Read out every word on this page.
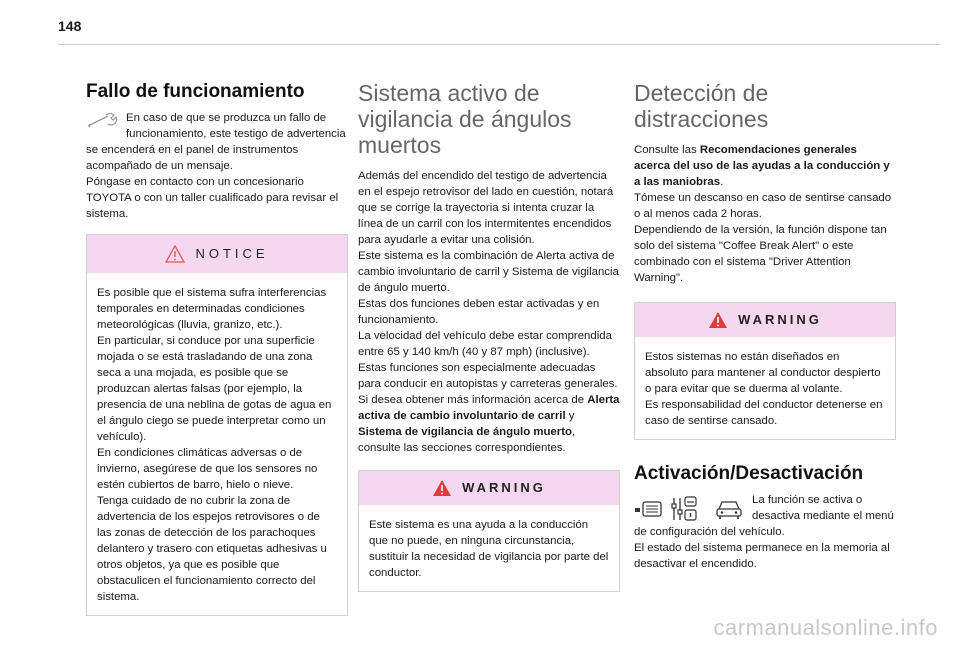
148
Fallo de funcionamiento

En caso de que se produzca un fallo de funcionamiento, este testigo de advertencia se encenderá en el panel de instrumentos acompañado de un mensaje.

Póngase en contacto con un concesionario TOYOTA o con un taller cualificado para revisar el sistema.

NOTICE

Es posible que el sistema sufra interferencias temporales en determinadas condiciones meteorológicas (lluvia, granizo, etc.).

En particular, si conduce por una superficie mojada o se está trasladando de una zona seca a una mojada, es posible que se produzcan alertas falsas (por ejemplo, la presencia de una neblina de gotas de agua en el ángulo ciego se puede interpretar como un vehículo).

En condiciones climáticas adversas o de invierno, asegúrese de que los sensores no estén cubiertos de barro, hielo o nieve.

Tenga cuidado de no cubrir la zona de advertencia de los espejos retrovisores o de las zonas de detección de los parachoques delantero y trasero con etiquetas adhesivas u otros objetos, ya que es posible que obstaculicen el funcionamiento correcto del sistema.

Sistema activo de vigilancia de ángulos muertos

Además del encendido del testigo de advertencia en el espejo retrovisor del lado en cuestión, notará que se corrige la trayectoria si intenta cruzar la línea de un carril con los intermitentes encendidos para ayudarle a evitar una colisión.

Este sistema es la combinación de Alerta activa de cambio involuntario de carril y Sistema de vigilancia de ángulo muerto.

Estas dos funciones deben estar activadas y en funcionamiento.

La velocidad del vehículo debe estar comprendida entre 65 y 140 km/h (40 y 87 mph) (inclusive).

Estas funciones son especialmente adecuadas para conducir en autopistas y carreteras generales.

Si desea obtener más información acerca de Alerta activa de cambio involuntario de carril y Sistema de vigilancia de ángulo muerto, consulte las secciones correspondientes.

WARNING

Este sistema es una ayuda a la conducción que no puede, en ninguna circunstancia, sustituir la necesidad de vigilancia por parte del conductor.

Detección de distracciones

Consulte las Recomendaciones generales acerca del uso de las ayudas a la conducción y a las maniobras.

Tómese un descanso en caso de sentirse cansado o al menos cada 2 horas.

Dependiendo de la versión, la función dispone tan solo del sistema "Coffee Break Alert" o este combinado con el sistema "Driver Attention Warning".

WARNING

Estos sistemas no están diseñados en absoluto para mantener al conductor despierto o para evitar que se duerma al volante.

Es responsabilidad del conductor detenerse en caso de sentirse cansado.

Activación/Desactivación

La función se activa o desactiva mediante el menú

de configuración del vehículo.

El estado del sistema permanece en la memoria al desactivar el encendido.

carmanualsonline.info
